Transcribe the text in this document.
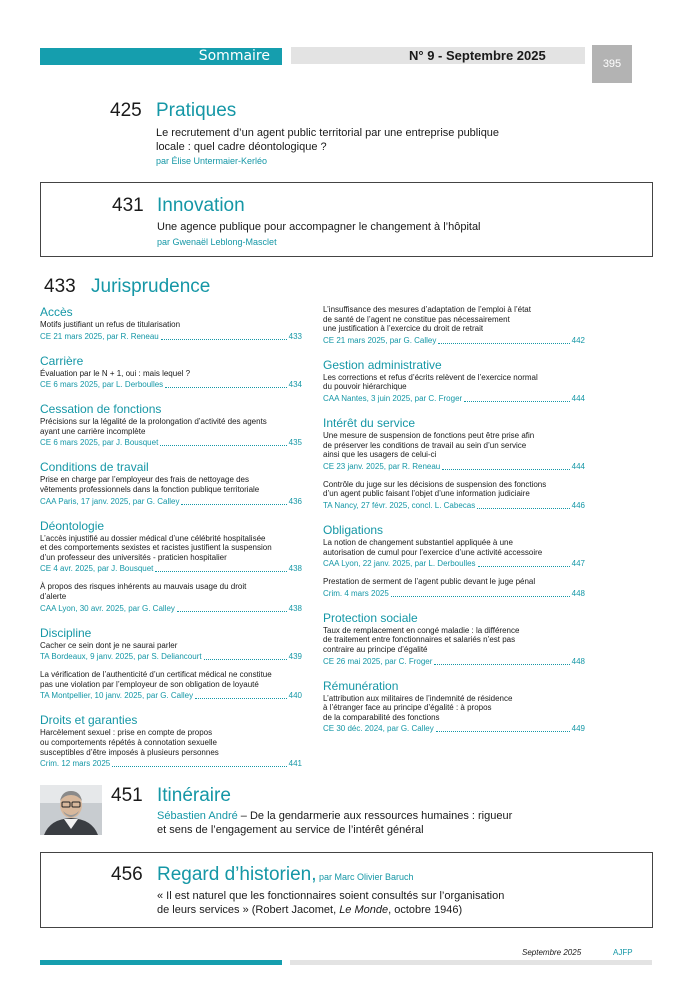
Sommaire	N° 9 - Septembre 2025
395
425 Pratiques
Le recrutement d’un agent public territorial par une entreprise publique
locale : quel cadre déontologique ?
par Élise Untermaier-Kerléo
431 Innovation
Une agence publique pour accompagner le changement à l’hôpital
par Gwenaël Leblong-Masclet
433 Jurisprudence
Accès
Motifs justifiant un refus de titularisation
CE 21 mars 2025, par R. Reneau	433
Carrière
Évaluation par le N + 1, oui : mais lequel ?
CE 6 mars 2025, par L. Derboulles	434
Cessation de fonctions
Précisions sur la légalité de la prolongation d’activité des agents
ayant une carrière incomplète
CE 6 mars 2025, par J. Bousquet	435
Conditions de travail
Prise en charge par l’employeur des frais de nettoyage des
vêtements professionnels dans la fonction publique territoriale
CAA Paris, 17 janv. 2025, par G. Calley	436
Déontologie
L’accès injustifié au dossier médical d’une célébrité hospitalisée
et des comportements sexistes et racistes justifient la suspension
d’un professeur des universités - praticien hospitalier
CE 4 avr. 2025, par J. Bousquet	438
À propos des risques inhérents au mauvais usage du droit
d’alerte
CAA Lyon, 30 avr. 2025, par G. Calley	438
Discipline
Cacher ce sein dont je ne saurai parler
TA Bordeaux, 9 janv. 2025, par S. Deliancourt	439
La vérification de l’authenticité d’un certificat médical ne constitue
pas une violation par l’employeur de son obligation de loyauté
TA Montpellier, 10 janv. 2025, par G. Calley	440
Droits et garanties
Harcèlement sexuel : prise en compte de propos
ou comportements répétés à connotation sexuelle
susceptibles d’être imposés à plusieurs personnes
Crim. 12 mars 2025	441
L’insuffisance des mesures d’adaptation de l’emploi à l’état
de santé de l’agent ne constitue pas nécessairement
une justification à l’exercice du droit de retrait
CE 21 mars 2025, par G. Calley	442
Gestion administrative
Les corrections et refus d’écrits relèvent de l’exercice normal
du pouvoir hiérarchique
CAA Nantes, 3 juin 2025, par C. Froger	444
Intérêt du service
Une mesure de suspension de fonctions peut être prise afin
de préserver les conditions de travail au sein d’un service
ainsi que les usagers de celui-ci
CE 23 janv. 2025, par R. Reneau	444
Contrôle du juge sur les décisions de suspension des fonctions
d’un agent public faisant l’objet d’une information judiciaire
TA Nancy, 27 févr. 2025, concl. L. Cabecas	446
Obligations
La notion de changement substantiel appliquée à une
autorisation de cumul pour l’exercice d’une activité accessoire
CAA Lyon, 22 janv. 2025, par L. Derboulles	447
Prestation de serment de l’agent public devant le juge pénal
Crim. 4 mars 2025	448
Protection sociale
Taux de remplacement en congé maladie : la différence
de traitement entre fonctionnaires et salariés n’est pas
contraire au principe d’égalité
CE 26 mai 2025, par C. Froger	448
Rémunération
L’attribution aux militaires de l’indemnité de résidence
à l’étranger face au principe d’égalité : à propos
de la comparabilité des fonctions
CE 30 déc. 2024, par G. Calley	449
451 Itinéraire
Sébastien André – De la gendarmerie aux ressources humaines : rigueur
et sens de l’engagement au service de l’intérêt général
456 Regard d’historien, par Marc Olivier Baruch
« Il est naturel que les fonctionnaires soient consultés sur l’organisation
de leurs services » (Robert Jacomet, Le Monde, octobre 1946)
Septembre 2025	AJFP
